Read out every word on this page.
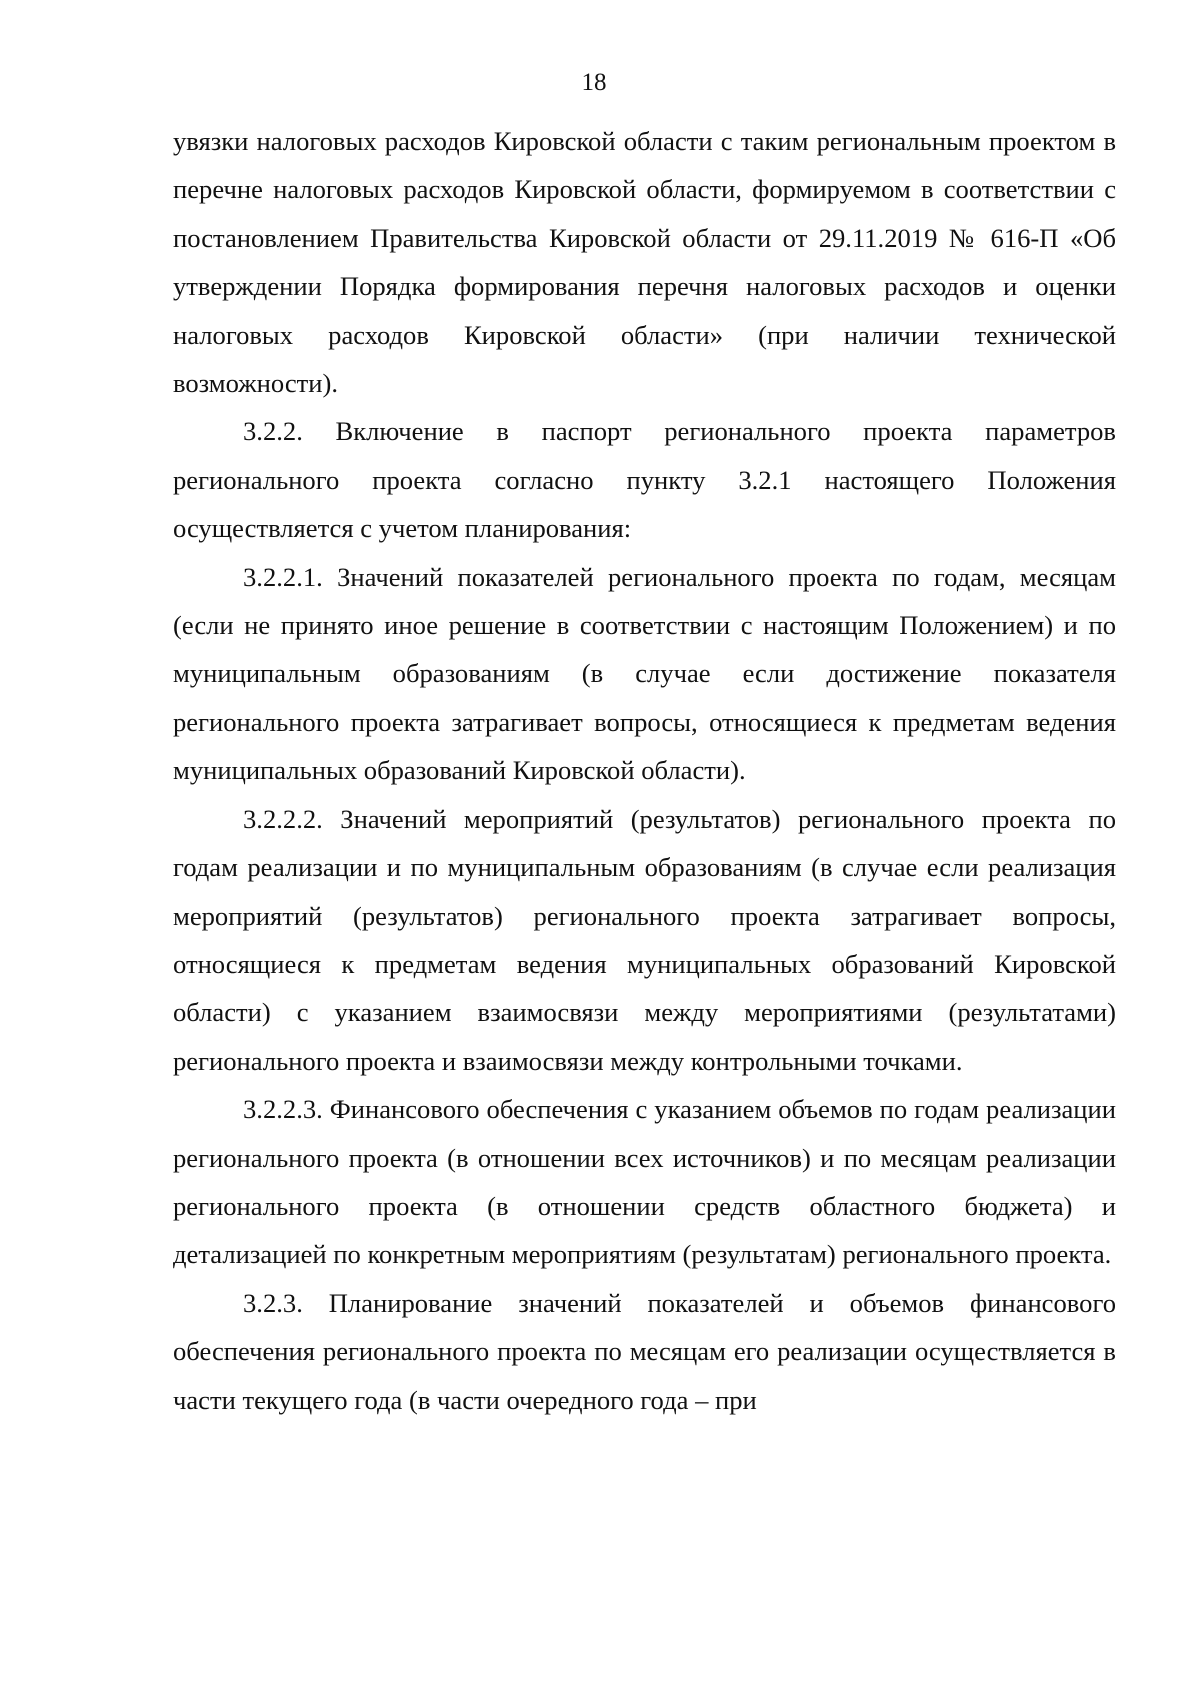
18

увязки налоговых расходов Кировской области с таким региональным проектом в перечне налоговых расходов Кировской области, формируемом в соответствии с постановлением Правительства Кировской области от 29.11.2019 № 616-П «Об утверждении Порядка формирования перечня налоговых расходов и оценки налоговых расходов Кировской области» (при наличии технической возможности).

3.2.2. Включение в паспорт регионального проекта параметров регионального проекта согласно пункту 3.2.1 настоящего Положения осуществляется с учетом планирования:

3.2.2.1. Значений показателей регионального проекта по годам, месяцам (если не принято иное решение в соответствии с настоящим Положением) и по муниципальным образованиям (в случае если достижение показателя регионального проекта затрагивает вопросы, относящиеся к предметам ведения муниципальных образований Кировской области).

3.2.2.2. Значений мероприятий (результатов) регионального проекта по годам реализации и по муниципальным образованиям (в случае если реализация мероприятий (результатов) регионального проекта затрагивает вопросы, относящиеся к предметам ведения муниципальных образований Кировской области) с указанием взаимосвязи между мероприятиями (результатами) регионального проекта и взаимосвязи между контрольными точками.

3.2.2.3. Финансового обеспечения с указанием объемов по годам реализации регионального проекта (в отношении всех источников) и по месяцам реализации регионального проекта (в отношении средств областного бюджета) и детализацией по конкретным мероприятиям (результатам) регионального проекта.

3.2.3. Планирование значений показателей и объемов финансового обеспечения регионального проекта по месяцам его реализации осуществляется в части текущего года (в части очередного года – при
